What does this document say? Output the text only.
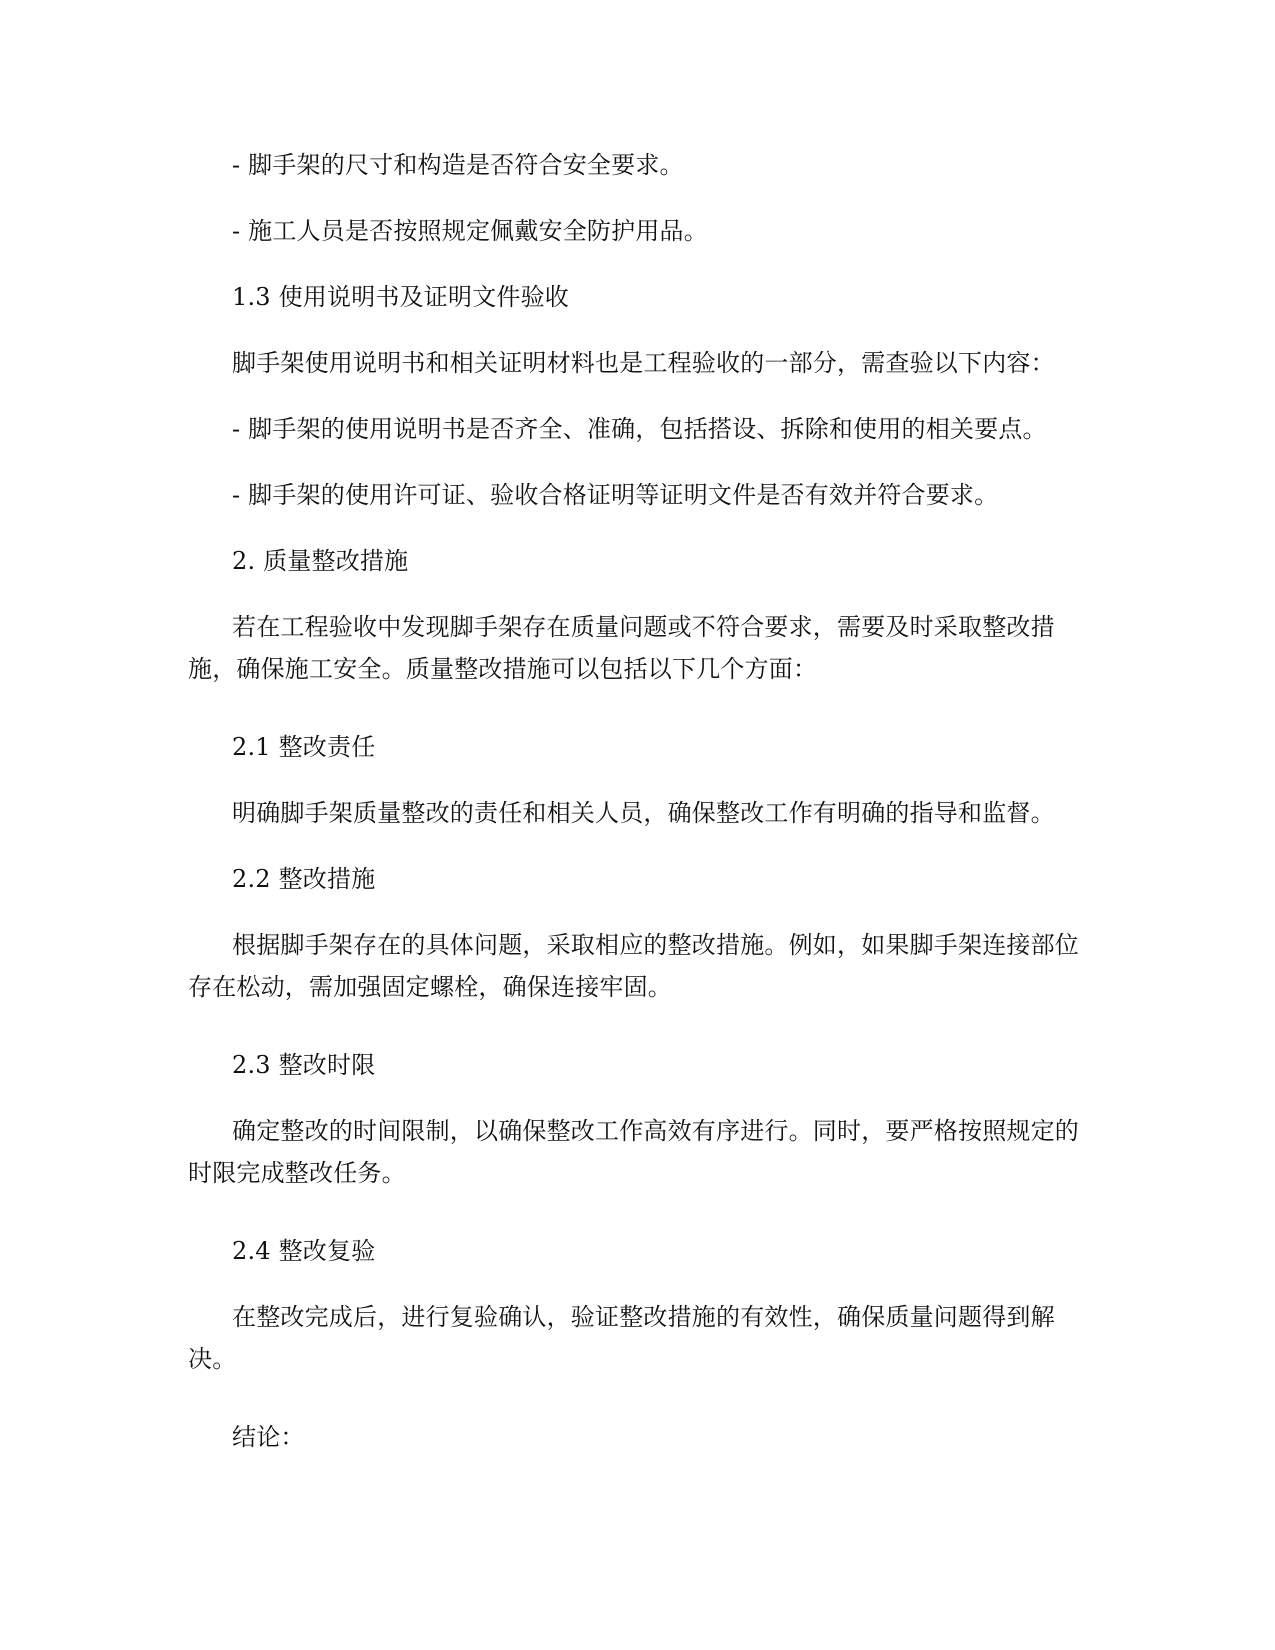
- 脚手架的尺寸和构造是否符合安全要求。

- 施工人员是否按照规定佩戴安全防护用品。

1.3 使用说明书及证明文件验收

脚手架使用说明书和相关证明材料也是工程验收的一部分，需查验以下内容：

- 脚手架的使用说明书是否齐全、准确，包括搭设、拆除和使用的相关要点。

- 脚手架的使用许可证、验收合格证明等证明文件是否有效并符合要求。

2. 质量整改措施

若在工程验收中发现脚手架存在质量问题或不符合要求，需要及时采取整改措施，确保施工安全。质量整改措施可以包括以下几个方面：

2.1 整改责任

明确脚手架质量整改的责任和相关人员，确保整改工作有明确的指导和监督。

2.2 整改措施

根据脚手架存在的具体问题，采取相应的整改措施。例如，如果脚手架连接部位存在松动，需加强固定螺栓，确保连接牢固。

2.3 整改时限

确定整改的时间限制，以确保整改工作高效有序进行。同时，要严格按照规定的时限完成整改任务。

2.4 整改复验

在整改完成后，进行复验确认，验证整改措施的有效性，确保质量问题得到解决。

结论：
